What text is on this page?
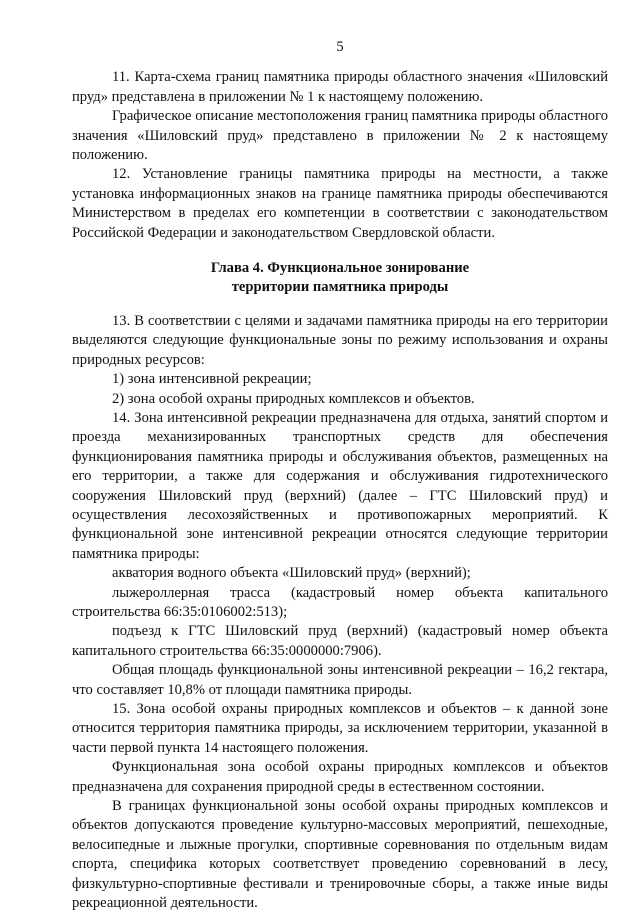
5

11. Карта-схема границ памятника природы областного значения «Шиловский пруд» представлена в приложении № 1 к настоящему положению.

Графическое описание местоположения границ памятника природы областного значения «Шиловский пруд» представлено в приложении № 2 к настоящему положению.

12. Установление границы памятника природы на местности, а также установка информационных знаков на границе памятника природы обеспечиваются Министерством в пределах его компетенции в соответствии с законодательством Российской Федерации и законодательством Свердловской области.

Глава 4. Функциональное зонирование
территории памятника природы

13. В соответствии с целями и задачами памятника природы на его территории выделяются следующие функциональные зоны по режиму использования и охраны природных ресурсов:

1) зона интенсивной рекреации;

2) зона особой охраны природных комплексов и объектов.

14. Зона интенсивной рекреации предназначена для отдыха, занятий спортом и проезда механизированных транспортных средств для обеспечения функционирования памятника природы и обслуживания объектов, размещенных на его территории, а также для содержания и обслуживания гидротехнического сооружения Шиловский пруд (верхний) (далее – ГТС Шиловский пруд) и осуществления лесохозяйственных и противопожарных мероприятий. К функциональной зоне интенсивной рекреации относятся следующие территории памятника природы:

акватория водного объекта «Шиловский пруд» (верхний);

лыжероллерная трасса (кадастровый номер объекта капитального строительства 66:35:0106002:513);

подъезд к ГТС Шиловский пруд (верхний) (кадастровый номер объекта капитального строительства 66:35:0000000:7906).

Общая площадь функциональной зоны интенсивной рекреации – 16,2 гектара, что составляет 10,8% от площади памятника природы.

15. Зона особой охраны природных комплексов и объектов – к данной зоне относится территория памятника природы, за исключением территории, указанной в части первой пункта 14 настоящего положения.

Функциональная зона особой охраны природных комплексов и объектов предназначена для сохранения природной среды в естественном состоянии.

В границах функциональной зоны особой охраны природных комплексов и объектов допускаются проведение культурно-массовых мероприятий, пешеходные, велосипедные и лыжные прогулки, спортивные соревнования по отдельным видам спорта, специфика которых соответствует проведению соревнований в лесу, физкультурно-спортивные фестивали и тренировочные сборы, а также иные виды рекреационной деятельности.
